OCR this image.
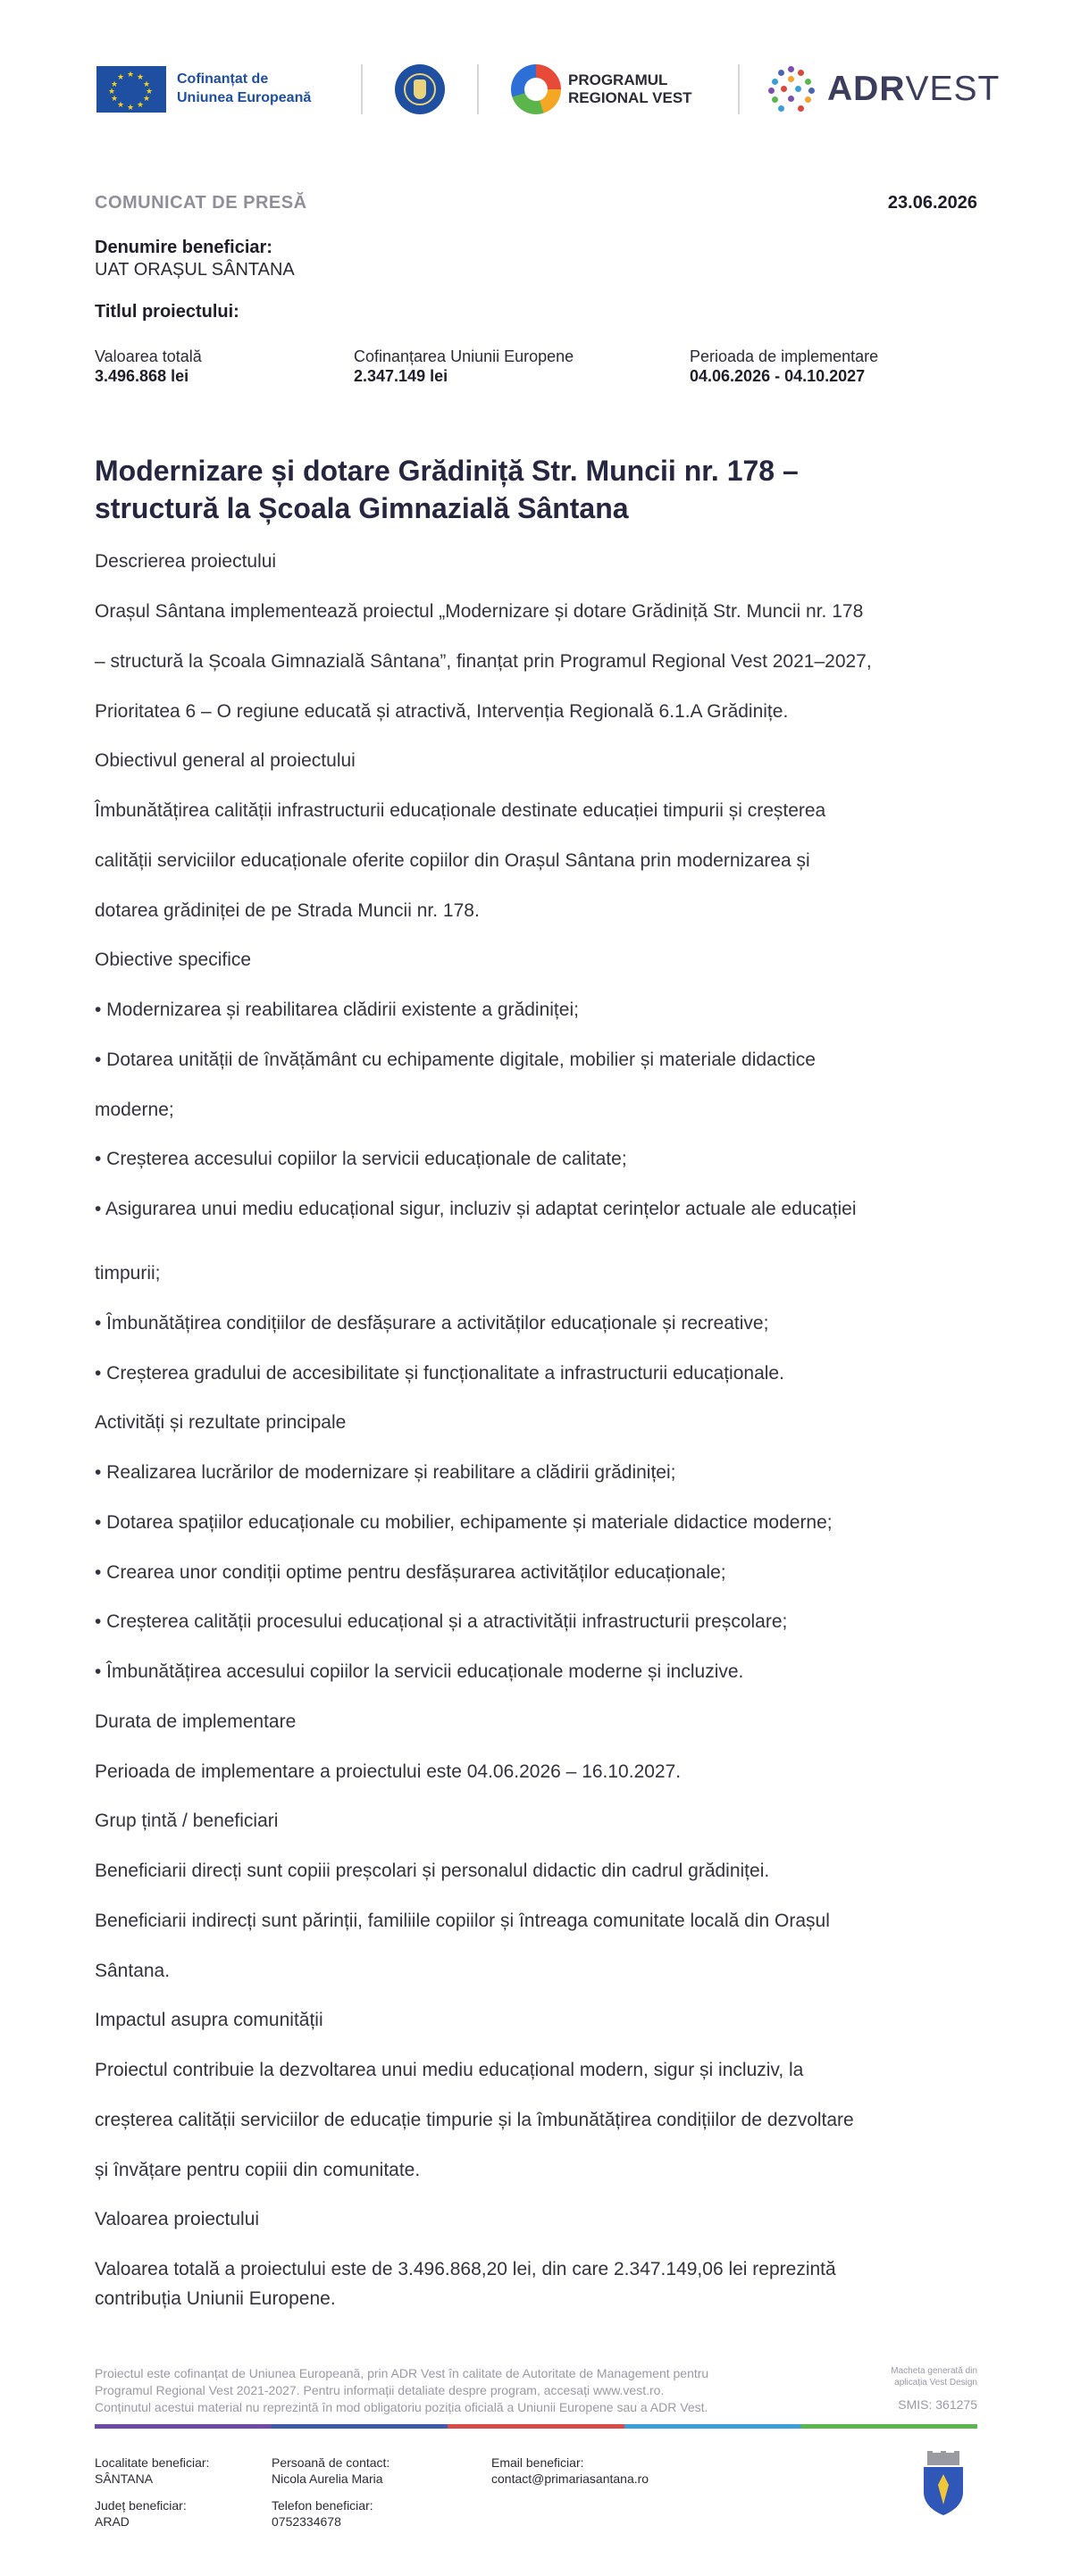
★ ★
★
★
★
★
★
★
★
★
★
★	Cofinanțat de
Uniunea Europeană
PROGRAMUL
REGIONAL VEST	ADRVEST
COMUNICAT DE PRESĂ	23.06.2026
Denumire beneficiar:
UAT ORAȘUL SÂNTANA
Titlul proiectului:
Valoarea totală
3.496.868 lei
Cofinanțarea Uniunii Europene
2.347.149 lei
Perioada de implementare
04.06.2026 - 04.10.2027
Modernizare și dotare Grădiniță Str. Muncii nr. 178 –
structură la Școala Gimnazială Sântana
Descrierea proiectului
Orașul Sântana implementează proiectul „Modernizare și dotare Grădiniță Str. Muncii nr. 178
– structură la Școala Gimnazială Sântana”, finanțat prin Programul Regional Vest 2021–2027,
Prioritatea 6 – O regiune educată și atractivă, Intervenția Regională 6.1.A Grădinițe.
Obiectivul general al proiectului
Îmbunătățirea calității infrastructurii educaționale destinate educației timpurii și creșterea
calității serviciilor educaționale oferite copiilor din Orașul Sântana prin modernizarea și
dotarea grădiniței de pe Strada Muncii nr. 178.
Obiective specifice
• Modernizarea și reabilitarea clădirii existente a grădiniței;
• Dotarea unității de învățământ cu echipamente digitale, mobilier și materiale didactice
moderne;
• Creșterea accesului copiilor la servicii educaționale de calitate;
• Asigurarea unui mediu educațional sigur, incluziv și adaptat cerințelor actuale ale educației
timpurii;
• Îmbunătățirea condițiilor de desfășurare a activităților educaționale și recreative;
• Creșterea gradului de accesibilitate și funcționalitate a infrastructurii educaționale.
Activități și rezultate principale
• Realizarea lucrărilor de modernizare și reabilitare a clădirii grădiniței;
• Dotarea spațiilor educaționale cu mobilier, echipamente și materiale didactice moderne;
• Crearea unor condiții optime pentru desfășurarea activităților educaționale;
• Creșterea calității procesului educațional și a atractivității infrastructurii preșcolare;
• Îmbunătățirea accesului copiilor la servicii educaționale moderne și incluzive.
Durata de implementare
Perioada de implementare a proiectului este 04.06.2026 – 16.10.2027.
Grup țintă / beneficiari
Beneficiarii direcți sunt copiii preșcolari și personalul didactic din cadrul grădiniței.
Beneficiarii indirecți sunt părinții, familiile copiilor și întreaga comunitate locală din Orașul
Sântana.
Impactul asupra comunității
Proiectul contribuie la dezvoltarea unui mediu educațional modern, sigur și incluziv, la
creșterea calității serviciilor de educație timpurie și la îmbunătățirea condițiilor de dezvoltare
și învățare pentru copiii din comunitate.
Valoarea proiectului
Valoarea totală a proiectului este de 3.496.868,20 lei, din care 2.347.149,06 lei reprezintă
contribuția Uniunii Europene.
Proiectul este cofinanțat de Uniunea Europeană, prin ADR Vest în calitate de Autoritate de Management pentru
Programul Regional Vest 2021-2027. Pentru informații detaliate despre program, accesați www.vest.ro.
Conținutul acestui material nu reprezintă în mod obligatoriu poziția oficială a Uniunii Europene sau a ADR Vest.
Macheta generată din
aplicația Vest Design
SMIS: 361275
Localitate beneficiar:
SÂNTANA
Persoană de contact:
Nicola Aurelia Maria
Email beneficiar:
contact@primariasantana.ro
Județ beneficiar:
ARAD
Telefon beneficiar:
0752334678
